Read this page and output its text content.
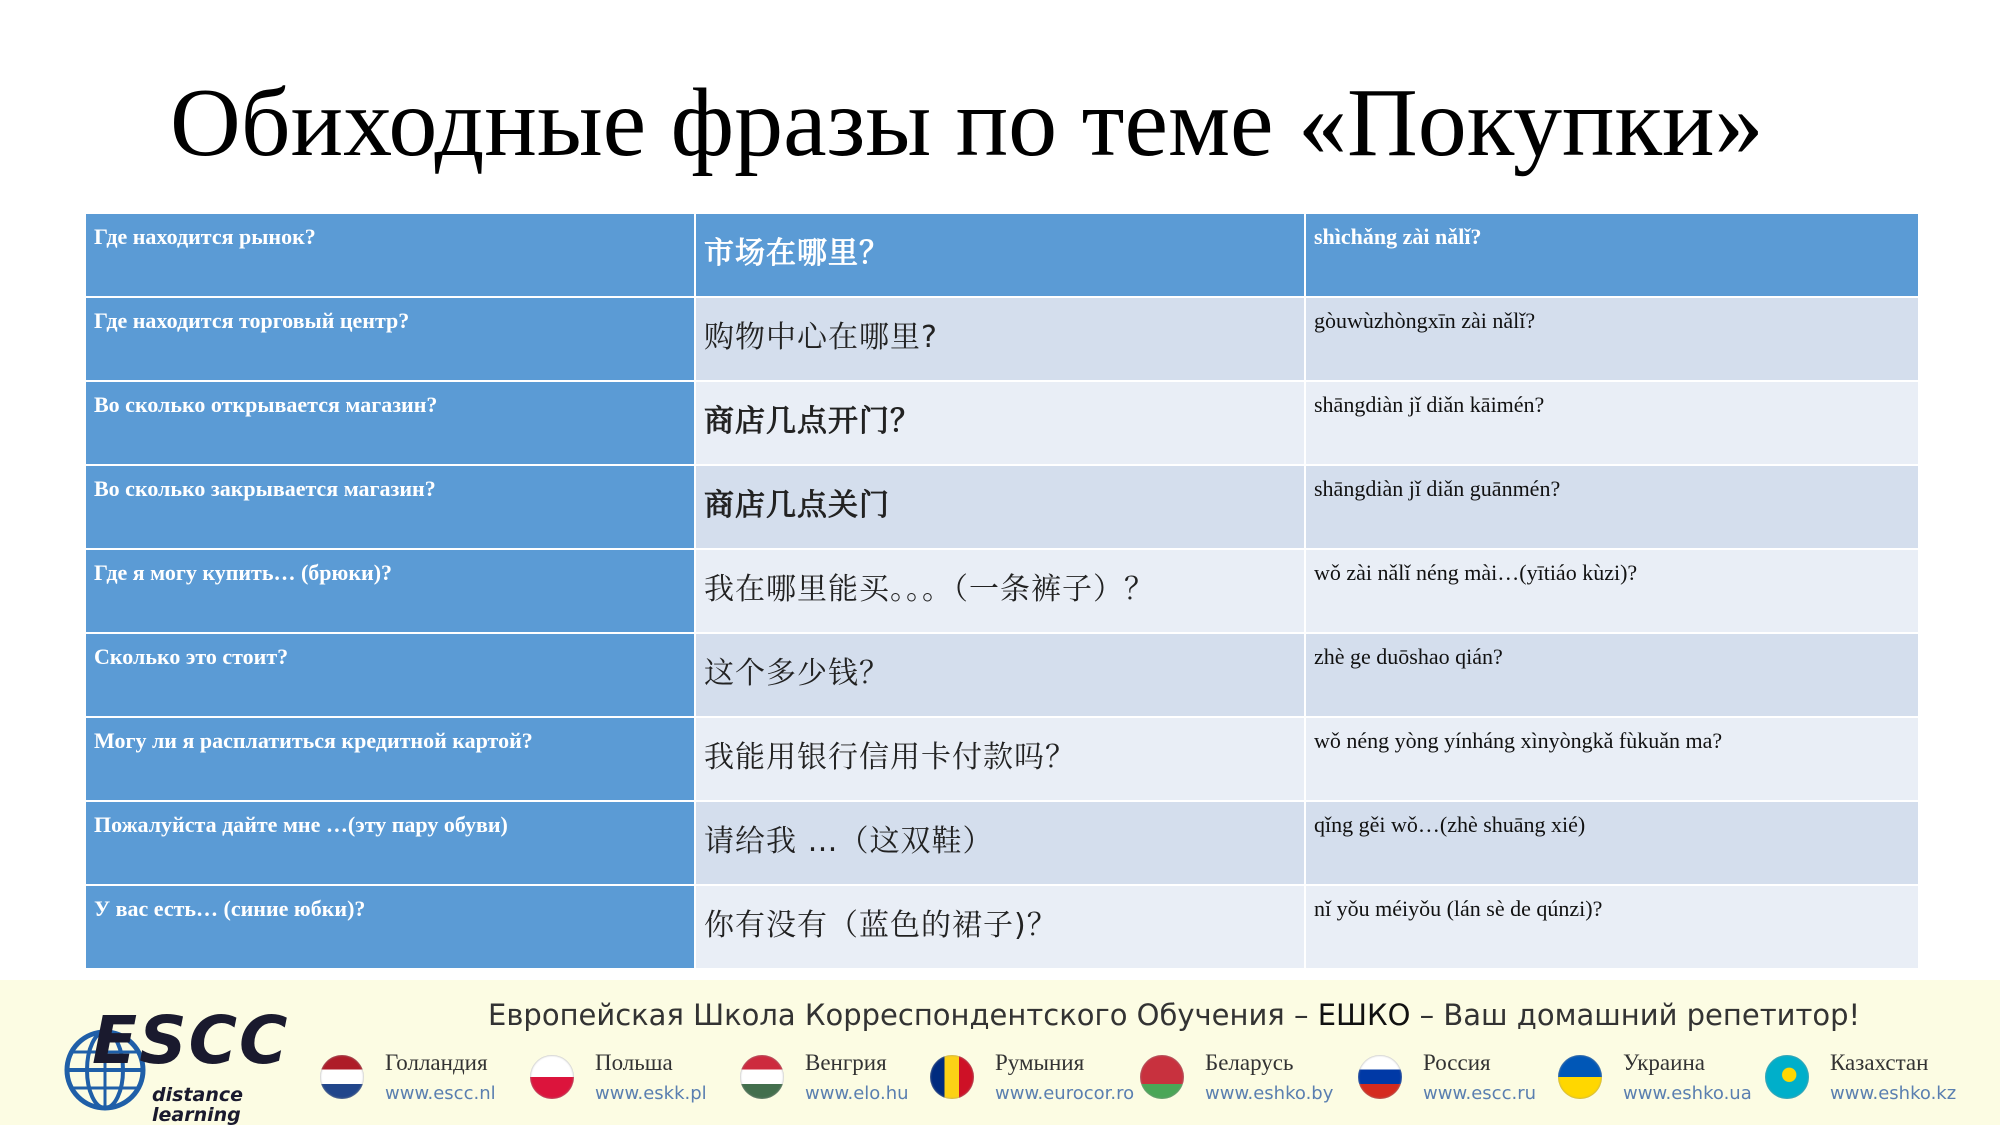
Обиходные фразы по теме «Покупки»
Где находится рынок?	市场在哪里？	shìchǎng zài nǎlǐ?
Где находится торговый центр?	购物中心在哪里?	gòuwùzhòngxīn zài nǎlǐ?
Во сколько открывается магазин?	商店几点开门？	shāngdiàn jǐ diǎn kāimén?
Во сколько закрывается магазин?	商店几点关门	shāngdiàn jǐ diǎn guānmén?
Где я могу купить… (брюки)?	我在哪里能买。。。（一条裤子）？	wǒ zài nǎlǐ néng mài…(yītiáo kùzi)?
Сколько это стоит?	这个多少钱？	zhè ge duōshao qián?
Могу ли я расплатиться кредитной картой?	我能用银行信用卡付款吗？	wǒ néng yòng yínháng xìnyòngkǎ fùkuǎn ma?
Пожалуйста дайте мне …(эту пару обуви)	请给我 …（这双鞋）	qǐng gěi wǒ…(zhè shuāng xié)
У вас есть… (синие юбки)?	你有没有（蓝色的裙子)？	nǐ yǒu méiyǒu (lán sè de qúnzi)?
ESCC
distance
learning
Европейская Школа Корреспондентского Обучения – ЕШКО – Ваш домашний репетитор!
Голландия
www.escc.nl
Польша
www.eskk.pl
Венгрия
www.elo.hu
Румыния
www.eurocor.ro
Беларусь
www.eshko.by
Россия
www.escc.ru
Украина
www.eshko.ua
Казахстан
www.eshko.kz
